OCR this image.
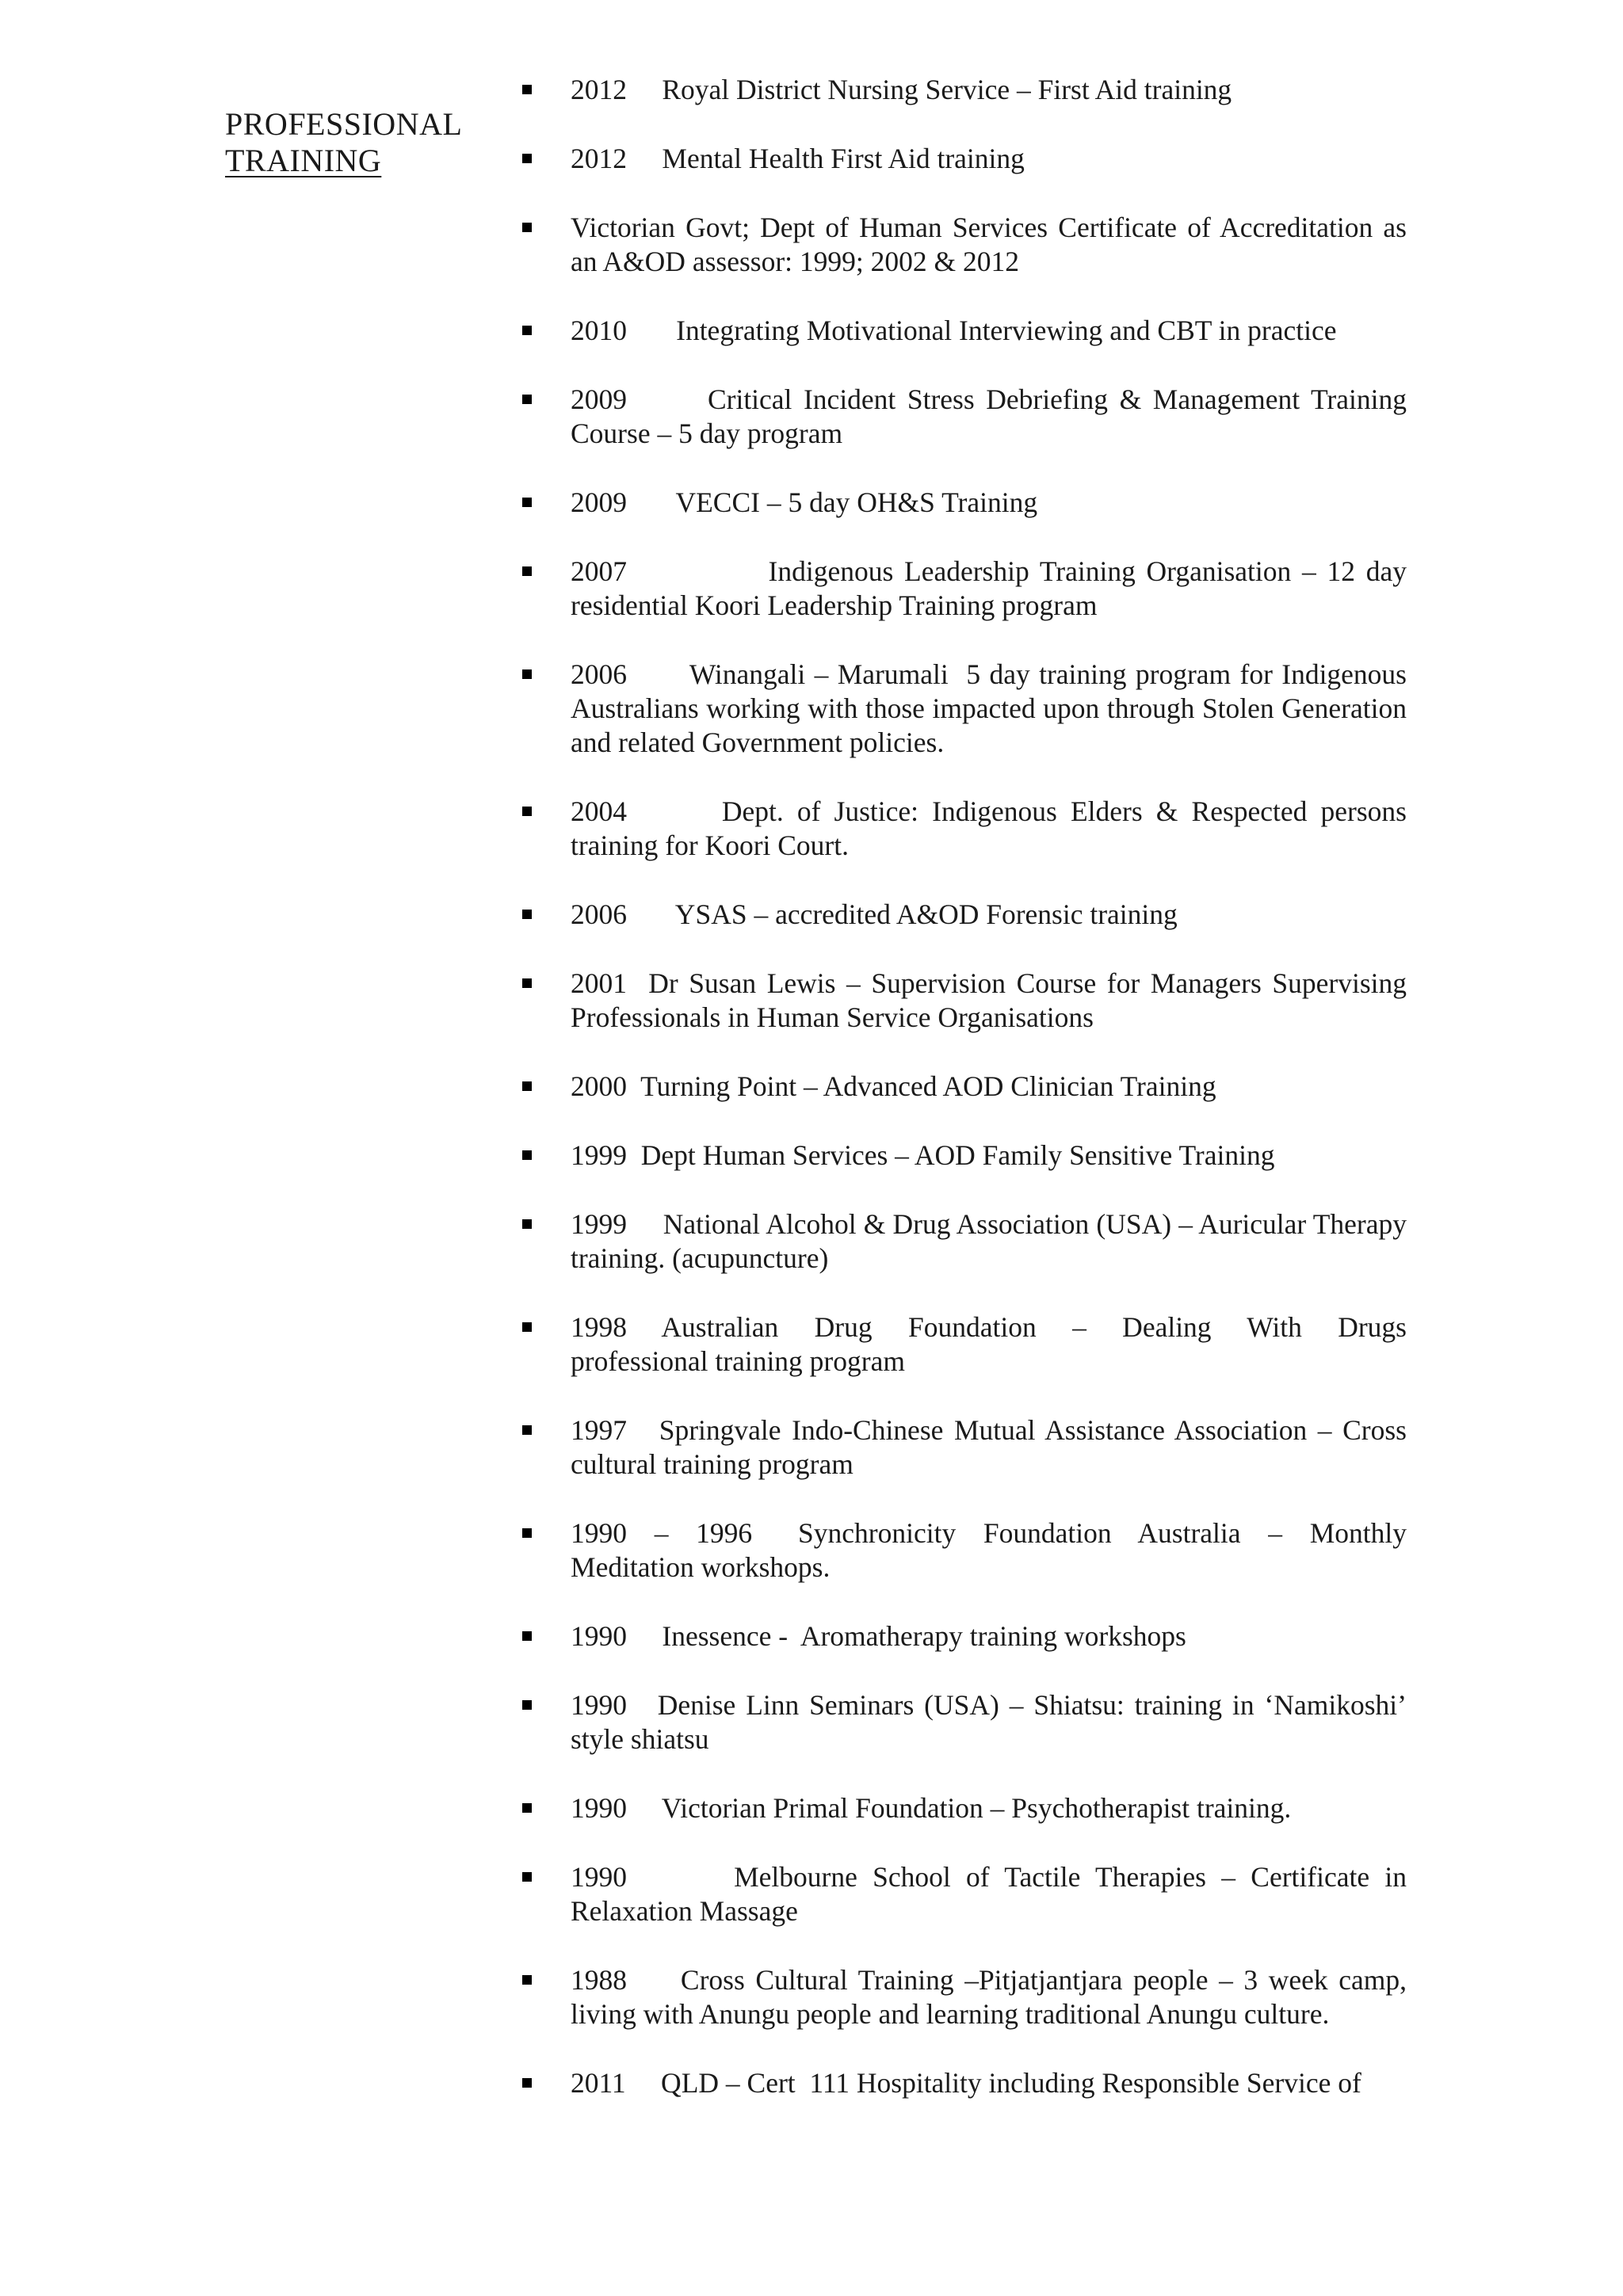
PROFESSIONAL
TRAINING
2012     Royal District Nursing Service – First Aid training
2012     Mental Health First Aid training
Victorian Govt; Dept of Human Services Certificate of Accreditation as an A&OD assessor: 1999; 2002 & 2012
2010       Integrating Motivational Interviewing and CBT in practice
2009       Critical Incident Stress Debriefing & Management Training Course – 5 day program
2009       VECCI – 5 day OH&S Training
2007             Indigenous Leadership Training Organisation – 12 day residential Koori Leadership Training program
2006       Winangali – Marumali  5 day training program for Indigenous Australians working with those impacted upon through Stolen Generation and related Government policies.
2004       Dept. of Justice: Indigenous Elders & Respected persons training for Koori Court.
2006       YSAS – accredited A&OD Forensic training
2001  Dr Susan Lewis – Supervision Course for Managers Supervising Professionals in Human Service Organisations
2000  Turning Point – Advanced AOD Clinician Training
1999  Dept Human Services – AOD Family Sensitive Training
1999     National Alcohol & Drug Association (USA) – Auricular Therapy training. (acupuncture)
1998   Australian   Drug   Foundation   –   Dealing   With   Drugs professional training program
1997   Springvale Indo-Chinese Mutual Assistance Association – Cross cultural training program
1990   –   1996     Synchronicity   Foundation   Australia   –   Monthly Meditation workshops.
1990     Inessence -  Aromatherapy training workshops
1990   Denise Linn Seminars (USA) – Shiatsu: training in ‘Namikoshi’ style shiatsu
1990     Victorian Primal Foundation – Psychotherapist training.
1990       Melbourne School of Tactile Therapies – Certificate in Relaxation Massage
1988     Cross Cultural Training –Pitjatjantjara people – 3 week camp, living with Anungu people and learning traditional Anungu culture.
2011     QLD – Cert  111 Hospitality including Responsible Service of
